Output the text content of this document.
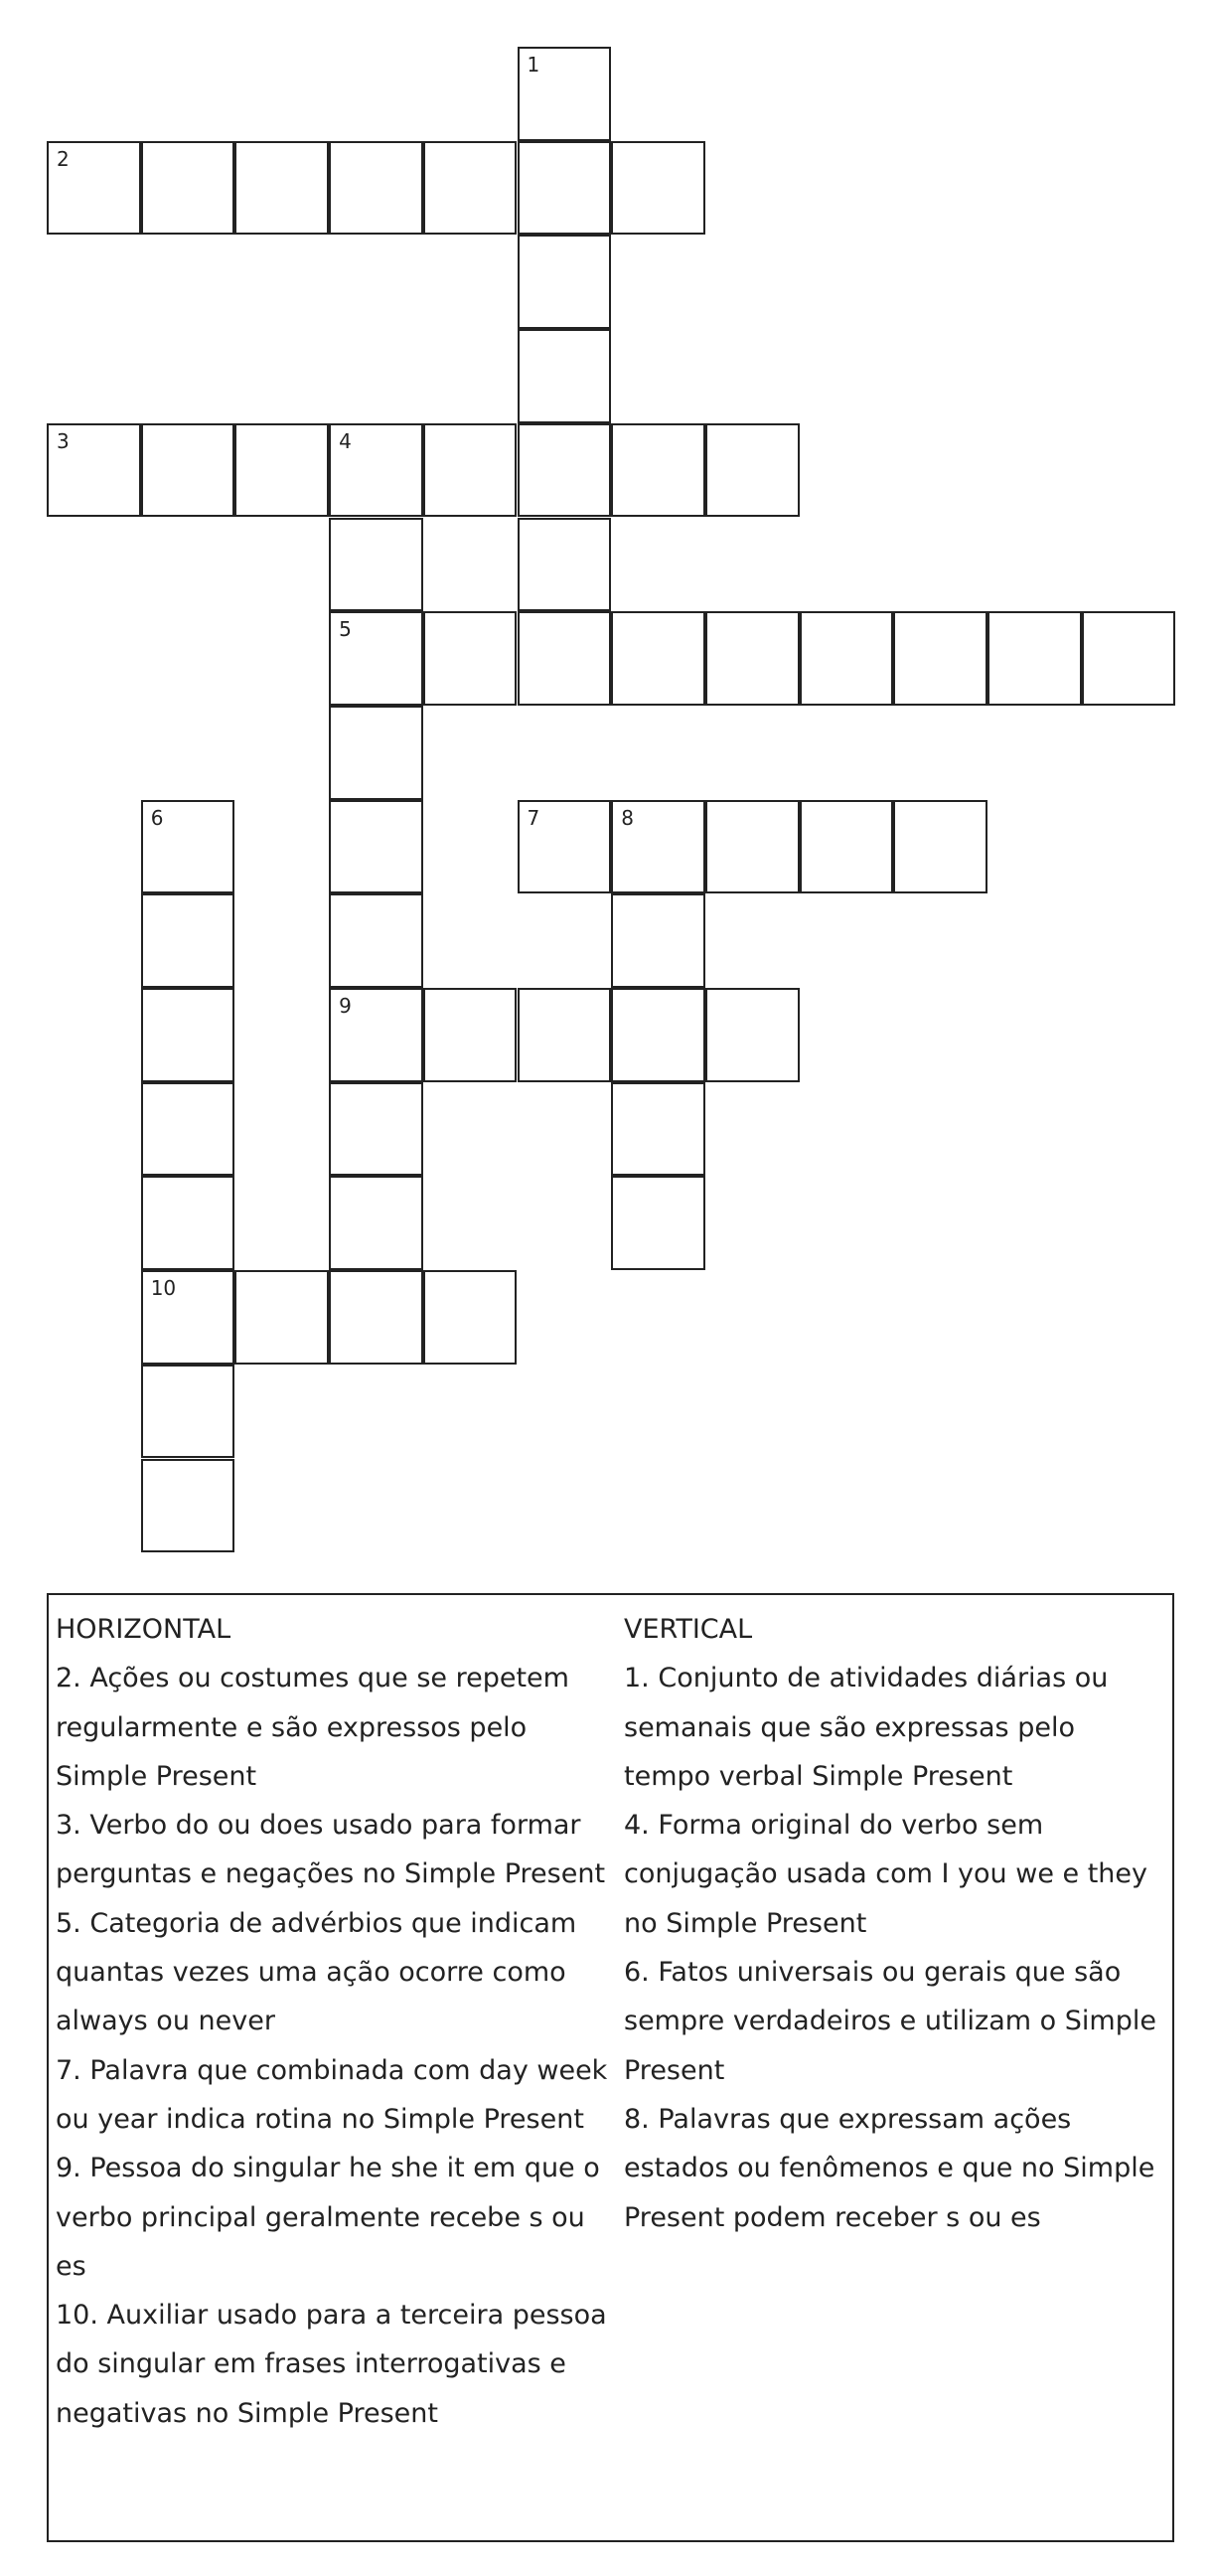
1
2
3	4
5
9
6
10
7	8
HORIZONTAL
2. Ações ou costumes que se repetem regularmente e são expressos pelo Simple Present
3. Verbo do ou does usado para formar perguntas e negações no Simple Present
5. Categoria de advérbios que indicam quantas vezes uma ação ocorre como always ou never
7. Palavra que combinada com day week ou year indica rotina no Simple Present
9. Pessoa do singular he she it em que o verbo principal geralmente recebe s ou es
10. Auxiliar usado para a terceira pessoa do singular em frases interrogativas e negativas no Simple Present
VERTICAL
1. Conjunto de atividades diárias ou semanais que são expressas pelo tempo verbal Simple Present
4. Forma original do verbo sem conjugação usada com I you we e they no Simple Present
6. Fatos universais ou gerais que são sempre verdadeiros e utilizam o Simple Present
8. Palavras que expressam ações estados ou fenômenos e que no Simple Present podem receber s ou es
